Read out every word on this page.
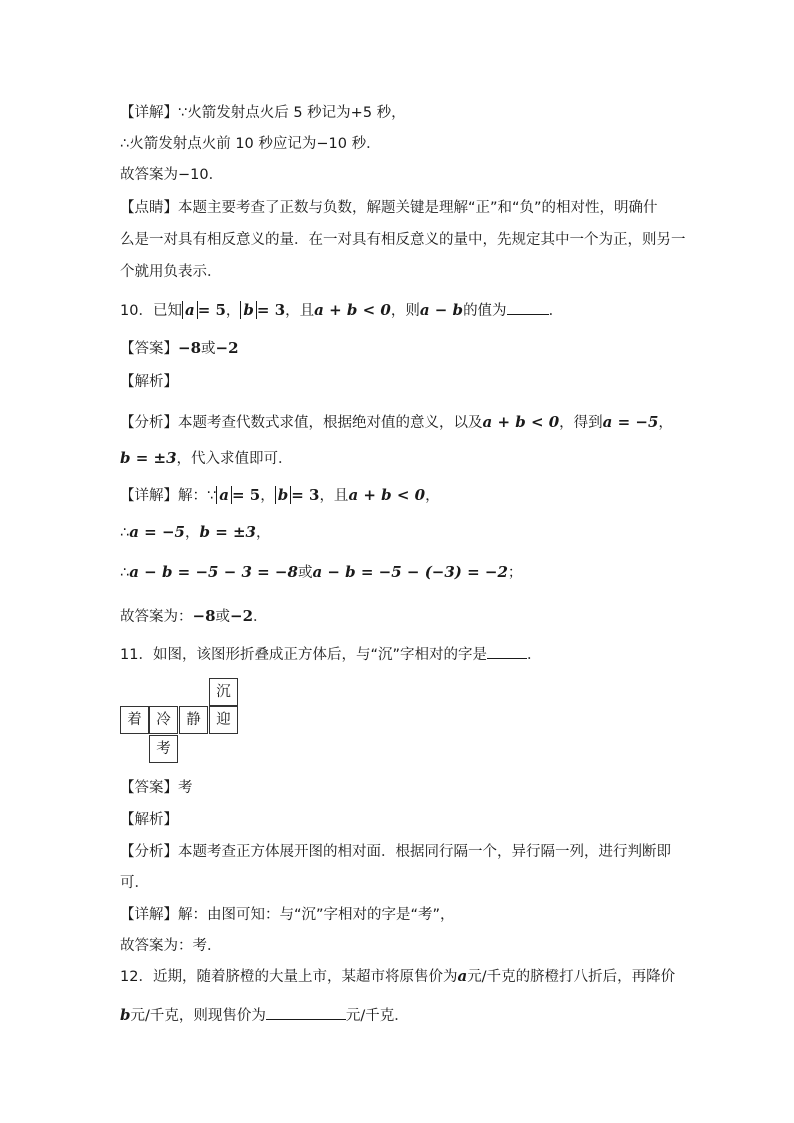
【详解】∵火箭发射点火后 5 秒记为+5 秒，
∴火箭发射点火前 10 秒应记为−10 秒．
故答案为−10．
【点睛】本题主要考查了正数与负数，解题关键是理解“正”和“负”的相对性，明确什
么是一对具有相反意义的量．在一对具有相反意义的量中，先规定其中一个为正，则另一
个就用负表示．
10．已知 a = 5， b = 3，且a + b < 0，则a − b的值为	．
【答案】−8或−2
【解析】
【分析】本题考查代数式求值，根据绝对值的意义，以及a + b < 0，得到a = −5，
b = ±3，代入求值即可．
【详解】解：∵ a = 5， b = 3，且a + b < 0，
∴a = −5，b = ±3，
∴a − b = −5 − 3 = −8或a − b = −5 − (−3) = −2；
故答案为：−8或−2．
11．如图，该图形折叠成正方体后，与“沉”字相对的字是	．
沉
着	冷	静	迎
考
【答案】考
【解析】
【分析】本题考查正方体展开图的相对面．根据同行隔一个，异行隔一列，进行判断即
可．
【详解】解：由图可知：与“沉”字相对的字是“考”，
故答案为：考．
12．近期，随着脐橙的大量上市，某超市将原售价为a元/千克的脐橙打八折后，再降价
b元/千克，则现售价为	元/千克．
